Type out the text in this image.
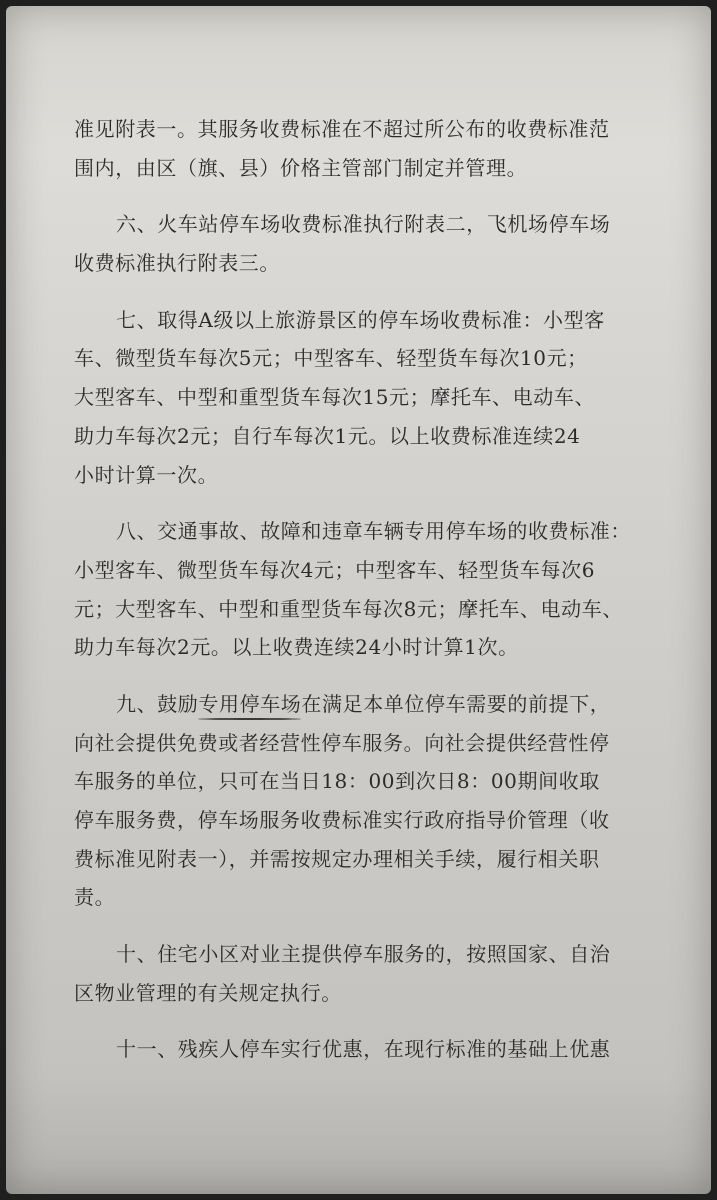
准见附表一。其服务收费标准在不超过所公布的收费标准范
围内，由区（旗、县）价格主管部门制定并管理。
六、火车站停车场收费标准执行附表二，飞机场停车场
收费标准执行附表三。
七、取得A级以上旅游景区的停车场收费标准：小型客
车、微型货车每次5元；中型客车、轻型货车每次10元；
大型客车、中型和重型货车每次15元；摩托车、电动车、
助力车每次2元；自行车每次1元。以上收费标准连续24
小时计算一次。
八、交通事故、故障和违章车辆专用停车场的收费标准：
小型客车、微型货车每次4元；中型客车、轻型货车每次6
元；大型客车、中型和重型货车每次8元；摩托车、电动车、
助力车每次2元。以上收费连续24小时计算1次。
九、鼓励专用停车场在满足本单位停车需要的前提下，
向社会提供免费或者经营性停车服务。向社会提供经营性停
车服务的单位，只可在当日18：00到次日8：00期间收取
停车服务费，停车场服务收费标准实行政府指导价管理（收
费标准见附表一），并需按规定办理相关手续，履行相关职
责。
十、住宅小区对业主提供停车服务的，按照国家、自治
区物业管理的有关规定执行。
十一、残疾人停车实行优惠，在现行标准的基础上优惠
